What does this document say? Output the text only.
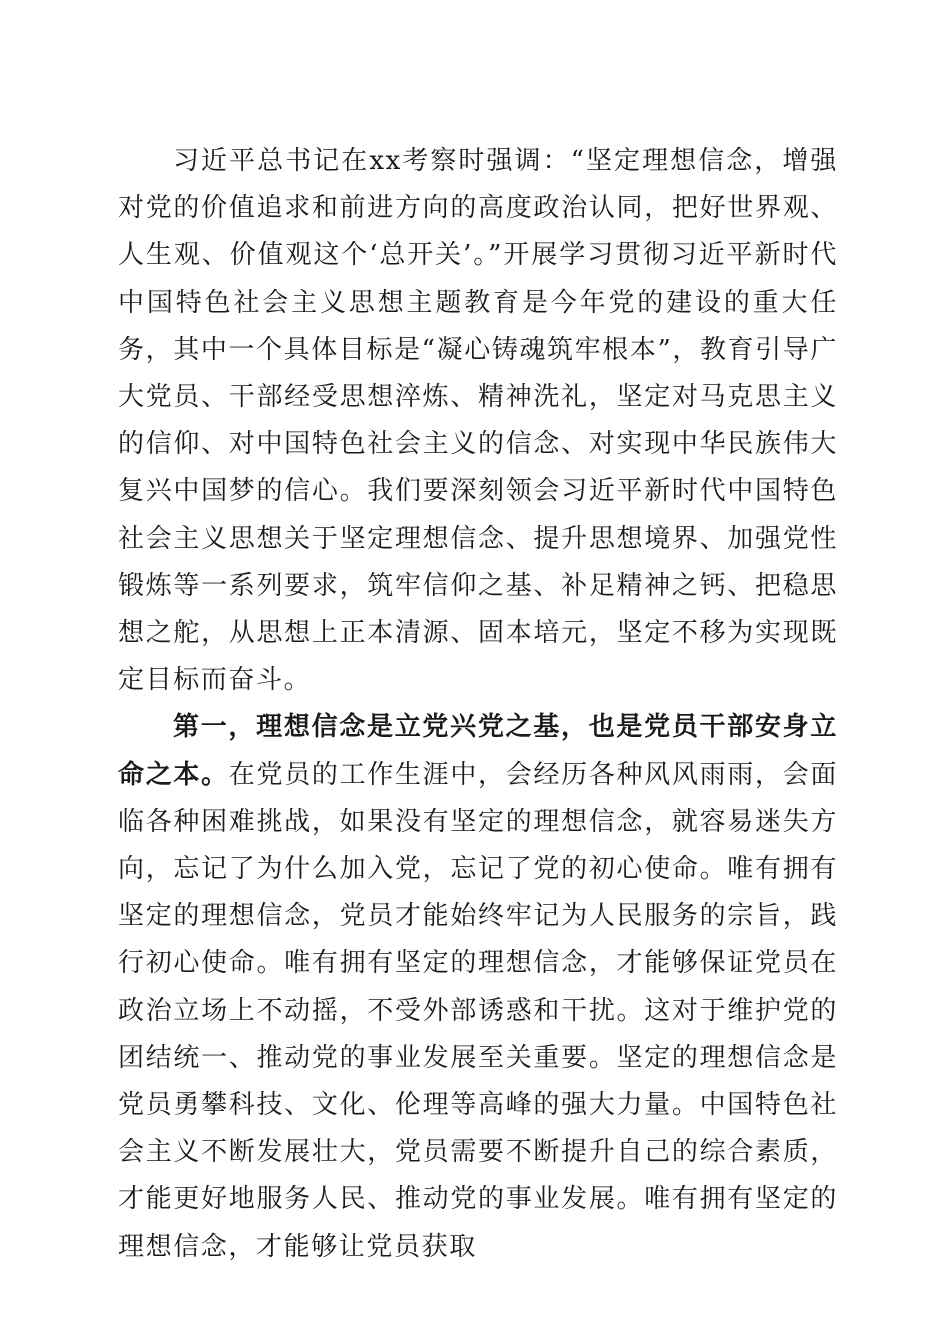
习近平总书记在xx考察时强调：“坚定理想信念，增强对党的价值追求和前进方向的高度政治认同，把好世界观、人生观、价值观这个‘总开关’。”开展学习贯彻习近平新时代中国特色社会主义思想主题教育是今年党的建设的重大任务，其中一个具体目标是“凝心铸魂筑牢根本”，教育引导广大党员、干部经受思想淬炼、精神洗礼，坚定对马克思主义的信仰、对中国特色社会主义的信念、对实现中华民族伟大复兴中国梦的信心。我们要深刻领会习近平新时代中国特色社会主义思想关于坚定理想信念、提升思想境界、加强党性锻炼等一系列要求，筑牢信仰之基、补足精神之钙、把稳思想之舵，从思想上正本清源、固本培元，坚定不移为实现既定目标而奋斗。

第一，理想信念是立党兴党之基，也是党员干部安身立命之本。在党员的工作生涯中，会经历各种风风雨雨，会面临各种困难挑战，如果没有坚定的理想信念，就容易迷失方向，忘记了为什么加入党，忘记了党的初心使命。唯有拥有坚定的理想信念，党员才能始终牢记为人民服务的宗旨，践行初心使命。唯有拥有坚定的理想信念，才能够保证党员在政治立场上不动摇，不受外部诱惑和干扰。这对于维护党的团结统一、推动党的事业发展至关重要。坚定的理想信念是党员勇攀科技、文化、伦理等高峰的强大力量。中国特色社会主义不断发展壮大，党员需要不断提升自己的综合素质，才能更好地服务人民、推动党的事业发展。唯有拥有坚定的理想信念，才能够让党员获取
